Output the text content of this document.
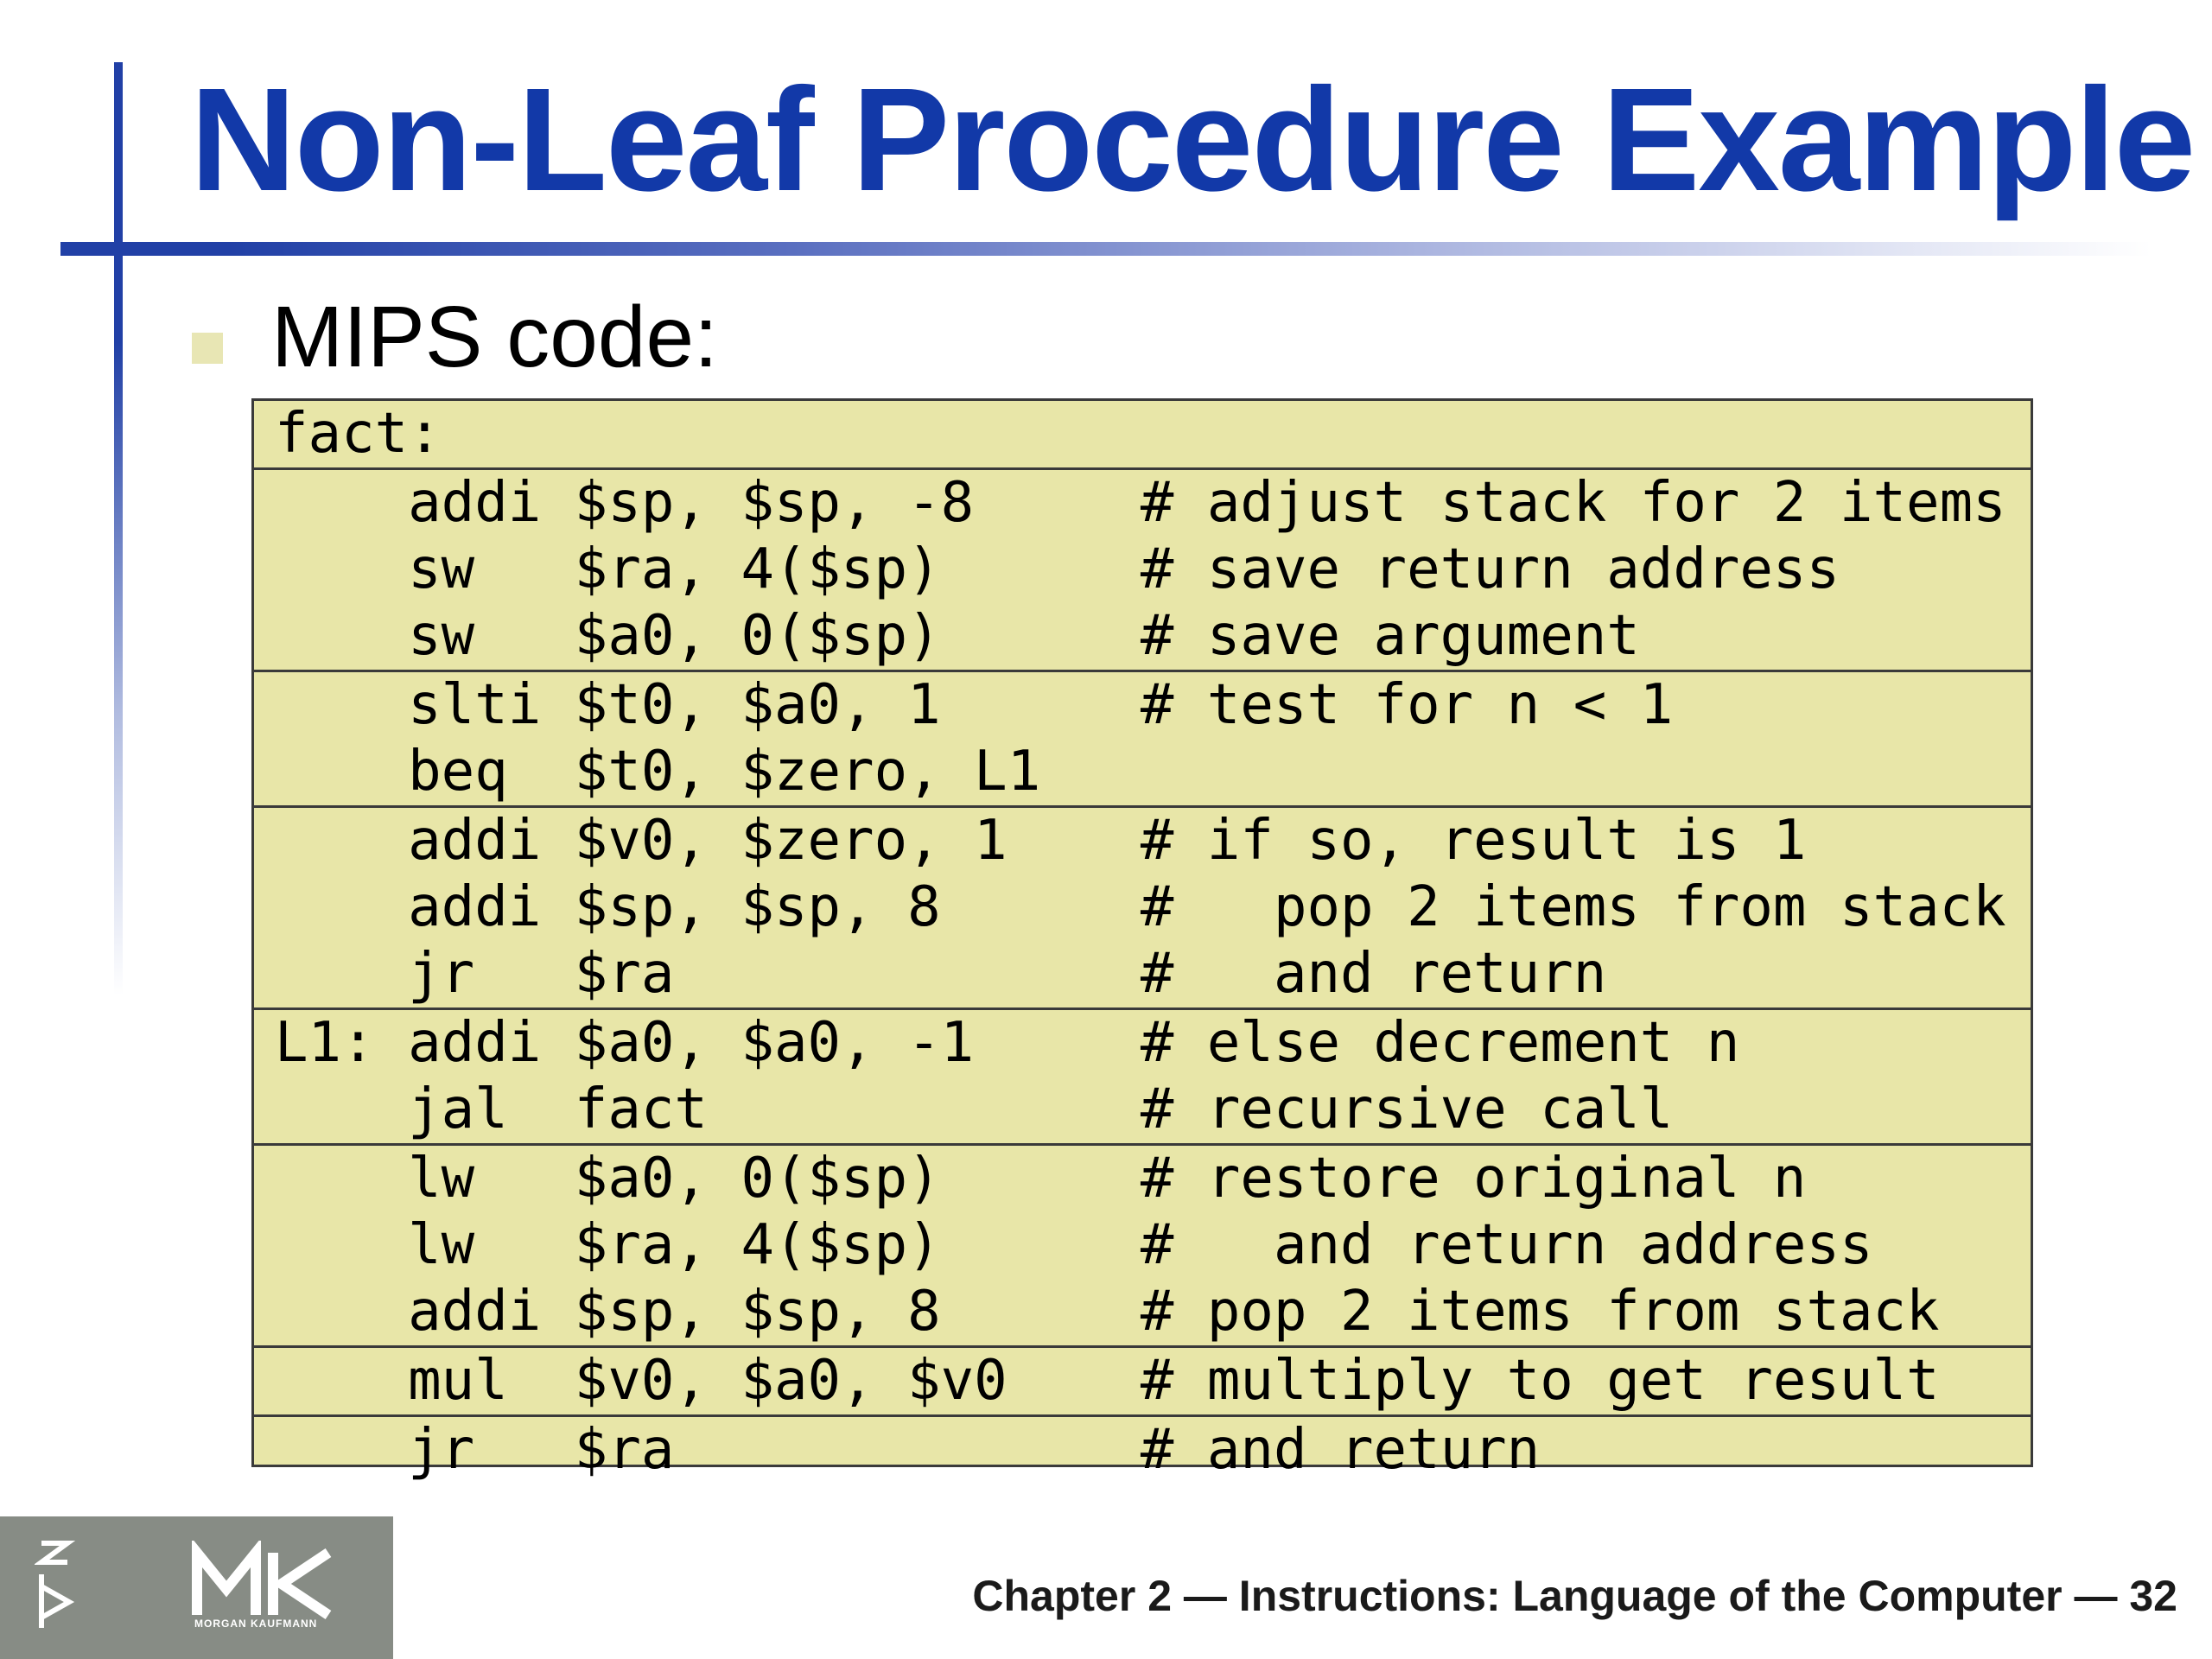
Non-Leaf Procedure Example
MIPS code:
fact:
addi $sp, $sp, -8     # adjust stack for 2 items
sw   $ra, 4($sp)      # save return address
sw   $a0, 0($sp)      # save argument
slti $t0, $a0, 1      # test for n < 1
beq  $t0, $zero, L1
addi $v0, $zero, 1    # if so, result is 1
addi $sp, $sp, 8      #   pop 2 items from stack
jr   $ra              #   and return
L1: addi $a0, $a0, -1     # else decrement n
jal  fact             # recursive call
lw   $a0, 0($sp)      # restore original n
lw   $ra, 4($sp)      #   and return address
addi $sp, $sp, 8      # pop 2 items from stack
mul  $v0, $a0, $v0    # multiply to get result
jr   $ra              # and return
MORGAN KAUFMANN
Chapter 2 — Instructions: Language of the Computer — 32
